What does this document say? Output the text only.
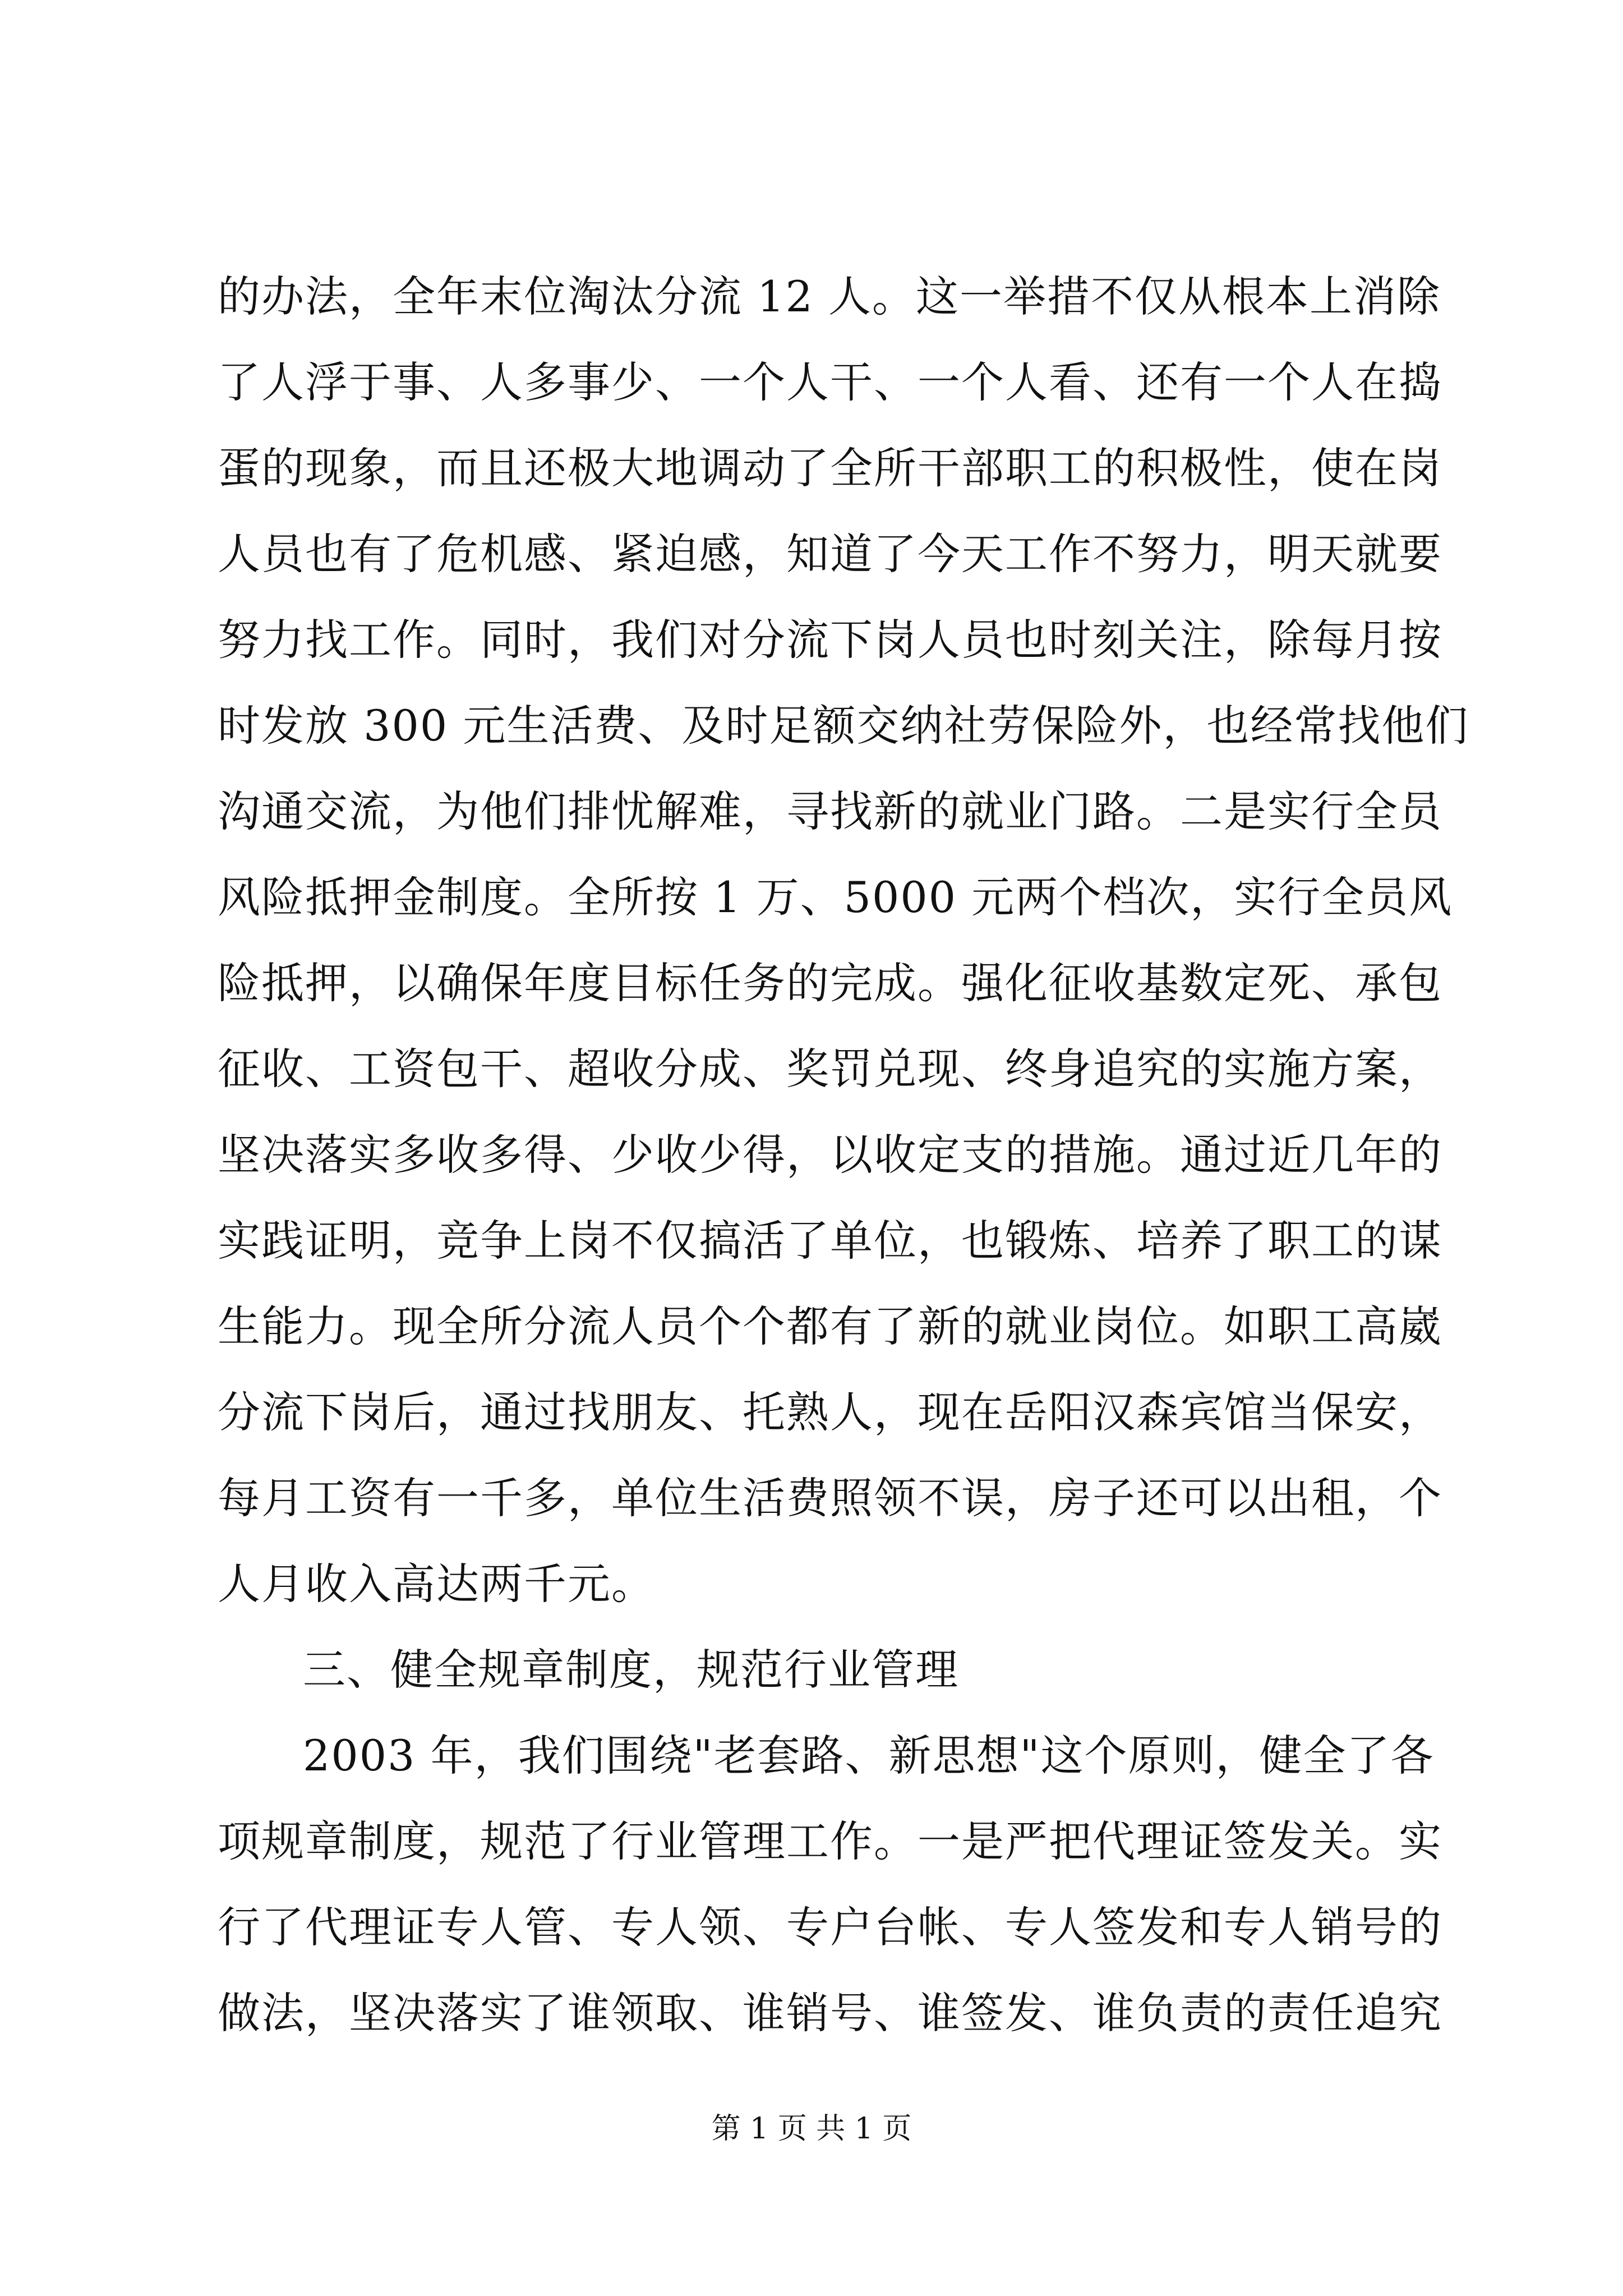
的办法，全年末位淘汰分流 12 人。这一举措不仅从根本上消除
了人浮于事、人多事少、一个人干、一个人看、还有一个人在捣
蛋的现象，而且还极大地调动了全所干部职工的积极性，使在岗
人员也有了危机感、紧迫感，知道了今天工作不努力，明天就要
努力找工作。同时，我们对分流下岗人员也时刻关注，除每月按
时发放 300 元生活费、及时足额交纳社劳保险外，也经常找他们
沟通交流，为他们排忧解难，寻找新的就业门路。二是实行全员
风险抵押金制度。全所按 1 万、5000 元两个档次，实行全员风
险抵押，以确保年度目标任务的完成。强化征收基数定死、承包
征收、工资包干、超收分成、奖罚兑现、终身追究的实施方案，
坚决落实多收多得、少收少得，以收定支的措施。通过近几年的
实践证明，竞争上岗不仅搞活了单位，也锻炼、培养了职工的谋
生能力。现全所分流人员个个都有了新的就业岗位。如职工高崴
分流下岗后，通过找朋友、托熟人，现在岳阳汉森宾馆当保安，
每月工资有一千多，单位生活费照领不误，房子还可以出租，个
人月收入高达两千元。
三、健全规章制度，规范行业管理
2003 年，我们围绕"老套路、新思想"这个原则，健全了各
项规章制度，规范了行业管理工作。一是严把代理证签发关。实
行了代理证专人管、专人领、专户台帐、专人签发和专人销号的
做法，坚决落实了谁领取、谁销号、谁签发、谁负责的责任追究
第 1 页 共 1 页
